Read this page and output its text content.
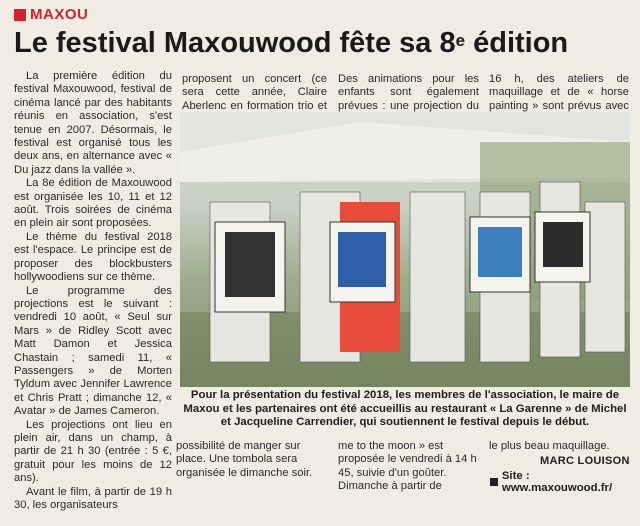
MAXOU
Le festival Maxouwood fête sa 8e édition

La première édition du festival Maxouwood, festival de cinéma lancé par des habitants réunis en association, s'est tenue en 2007. Désormais, le festival est organisé tous les deux ans, en alternance avec « Du jazz dans la vallée ».

La 8e édition de Maxouwood est organisée les 10, 11 et 12 août. Trois soirées de cinéma en plein air sont proposées.

Le thème du festival 2018 est l'espace. Le principe est de proposer des blockbusters hollywoodiens sur ce thème.

Le programme des projections est le suivant : vendredi 10 août, « Seul sur Mars » de Ridley Scott avec Matt Damon et Jessica Chastain ; samedi 11, « Passengers » de Morten Tyldum avec Jennifer Lawrence et Chris Pratt ; dimanche 12, « Avatar » de James Cameron.

Les projections ont lieu en plein air, dans un champ, à partir de 21 h 30 (entrée : 5 €, gratuit pour les moins de 12 ans).

Avant le film, à partir de 19 h 30, les organisateurs

proposent un concert (ce sera cette année, Claire Aberlenc en formation trio et
Des animations pour les enfants sont également prévues : une projection du
16 h, des ateliers de maquillage et de « horse painting » sont prévus avec
Pour la présentation du festival 2018, les membres de l'association, le maire de Maxou et les partenaires ont été accueillis au restaurant « La Garenne » de Michel et Jacqueline Carrendier, qui soutiennent le festival depuis le début.
possibilité de manger sur place. Une tombola sera organisée le dimanche soir.
me to the moon » est proposée le vendredi à 14 h 45, suivie d'un goûter. Dimanche à partir de
le plus beau maquillage.
MARC LOUISON
Site : www.maxouwood.fr/
